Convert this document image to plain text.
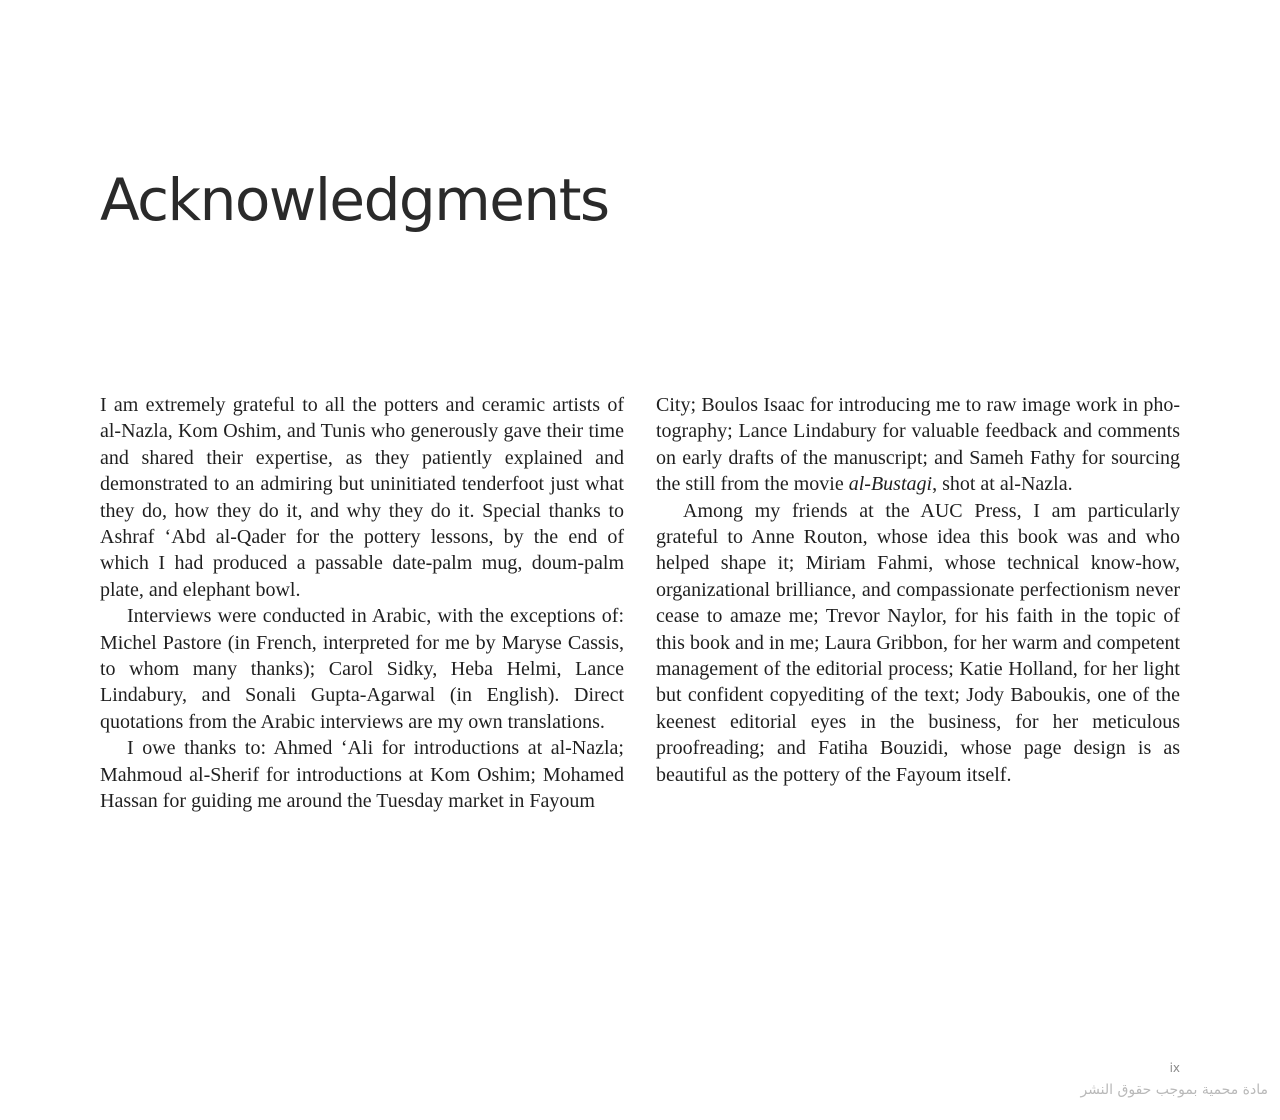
Acknowledgments

I am extremely grateful to all the potters and ceramic artists of al-Nazla, Kom Oshim, and Tunis who generously gave their time and shared their expertise, as they patiently explained and demonstrated to an admiring but uninitiated tenderfoot just what they do, how they do it, and why they do it. Special thanks to Ashraf ‘Abd al-Qader for the pottery lessons, by the end of which I had produced a passable date-palm mug, doum-palm plate, and elephant bowl.

Interviews were conducted in Arabic, with the exceptions of: Michel Pastore (in French, interpreted for me by Maryse Cassis, to whom many thanks); Carol Sidky, Heba Helmi, Lance Lindabury, and Sonali Gupta-Agarwal (in English). Direct quotations from the Arabic interviews are my own translations.

I owe thanks to: Ahmed ‘Ali for introductions at al-Nazla; Mahmoud al-Sherif for introductions at Kom Oshim; Mohamed Hassan for guiding me around the Tuesday market in Fayoum

City; Boulos Isaac for introducing me to raw image work in photography; Lance Lindabury for valuable feedback and comments on early drafts of the manuscript; and Sameh Fathy for sourcing the still from the movie al-Bustagi, shot at al-Nazla.

Among my friends at the AUC Press, I am particularly grateful to Anne Routon, whose idea this book was and who helped shape it; Miriam Fahmi, whose technical know-how, organizational brilliance, and compassionate perfectionism never cease to amaze me; Trevor Naylor, for his faith in the topic of this book and in me; Laura Gribbon, for her warm and competent management of the editorial process; Katie Holland, for her light but confident copyediting of the text; Jody Baboukis, one of the keenest editorial eyes in the business, for her meticulous proofreading; and Fatiha Bouzidi, whose page design is as beautiful as the pottery of the Fayoum itself.

ix
مادة محمية بموجب حقوق النشر
